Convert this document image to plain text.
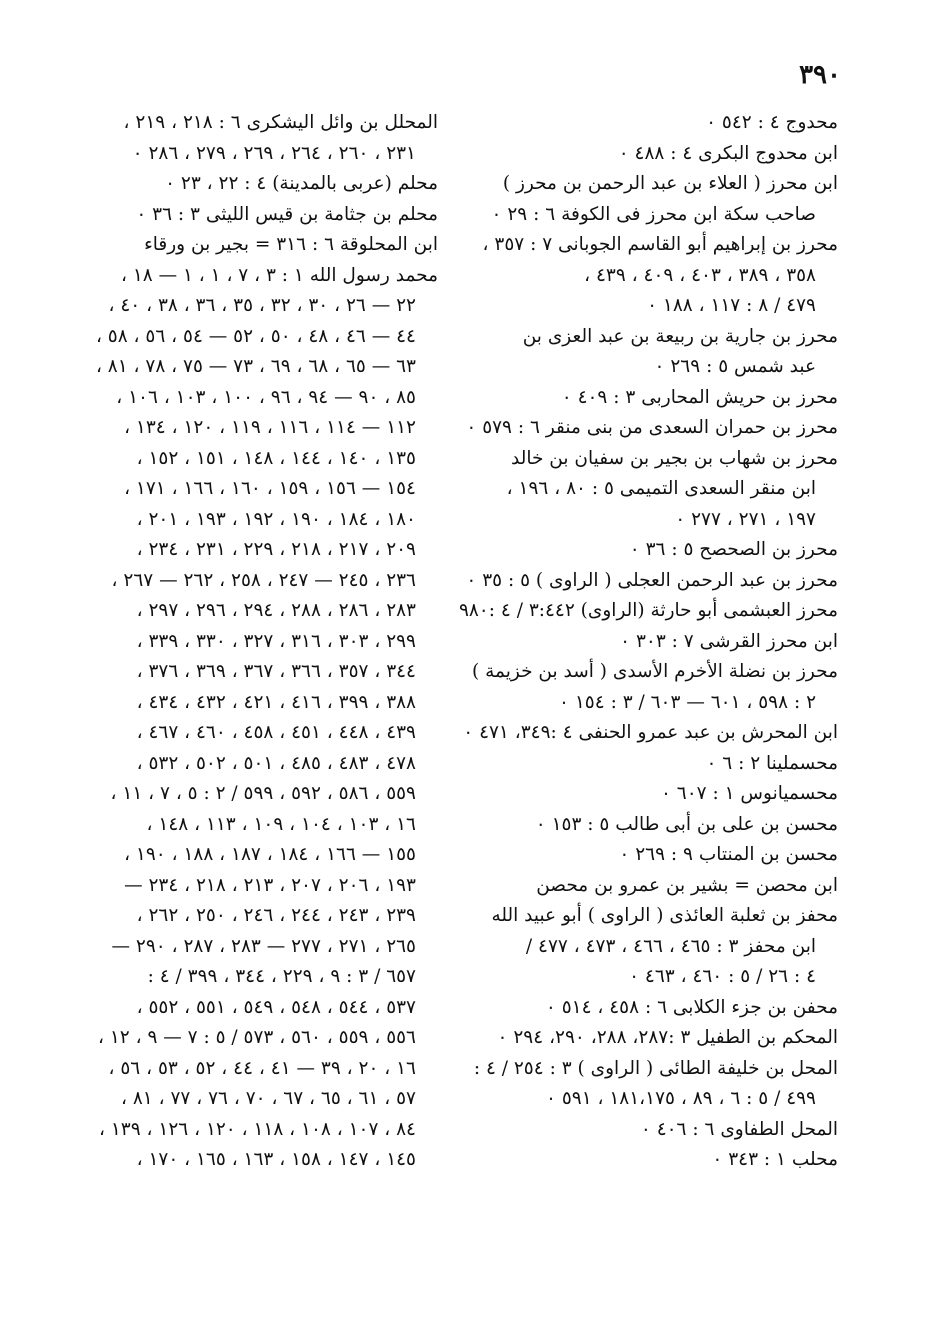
٣٩٠
محدوج ٤ : ٥٤٢ ٠
ابن محدوج البكرى ٤ : ٤٨٨ ٠
ابن محرز ( العلاء بن عبد الرحمن بن محرز )
صاحب سكة ابن محرز فى الكوفة ٦ : ٢٩ ٠
محرز بن إبراهيم أبو القاسم الجوبانى ٧ : ٣٥٧ ،
٣٥٨ ، ٣٨٩ ، ٤٠٣ ، ٤٠٩ ، ٤٣٩ ،
٤٧٩ / ٨ : ١١٧ ، ١٨٨ ٠
محرز بن جارية بن ربيعة بن عبد العزى بن
عبد شمس ٥ : ٢٦٩ ٠
محرز بن حريش المحاربى ٣ : ٤٠٩ ٠
محرز بن حمران السعدى من بنى منقر ٦ : ٥٧٩ ٠
محرز بن شهاب بن بجير بن سفيان بن خالد
ابن منقر السعدى التميمى ٥ : ٨٠ ، ١٩٦ ،
١٩٧ ، ٢٧١ ، ٢٧٧ ٠
محرز بن الصحصح ٥ : ٣٦ ٠
محرز بن عبد الرحمن العجلى ( الراوى ) ٥ : ٣٥ ٠
محرز العبشمى أبو حارثة (الراوى) ٣:٤٤٢ / ٤ :٩٨٠
ابن محرز القرشى ٧ : ٣٠٣ ٠
محرز بن نضلة الأخرم الأسدى ( أسد بن خزيمة )
٢ : ٥٩٨ ، ٦٠١ — ٦٠٣ / ٣ : ١٥٤ ٠
ابن المحرش بن عبد عمرو الحنفى ٤ :٣٤٩، ٤٧١ ٠
محسملينا ٢ : ٦ ٠
محسميانوس ١ : ٦٠٧ ٠
محسن بن على بن أبى طالب ٥ : ١٥٣ ٠
محسن بن المنتاب ٩ : ٢٦٩ ٠
ابن محصن = بشير بن عمرو بن محصن
محفز بن ثعلبة العائذى ( الراوى ) أبو عبيد الله
ابن محفز ٣ : ٤٦٥ ، ٤٦٦ ، ٤٧٣ ، ٤٧٧ /
٤ : ٢٦ / ٥ : ٤٦٠ ، ٤٦٣ ٠
محفن بن جزء الكلابى ٦ : ٤٥٨ ، ٥١٤ ٠
المحكم بن الطفيل ٣ :٢٨٧، ٢٨٨، ٢٩٠، ٢٩٤ ٠
المحل بن خليفة الطائى ( الراوى ) ٣ : ٢٥٤ / ٤ :
٤٩٩ / ٥ : ٦ ، ٨٩ ، ١٨١،١٧٥ ، ٥٩١ ٠
المحل الطفاوى ٦ : ٤٠٦ ٠
محلب ١ : ٣٤٣ ٠
المحلل بن وائل اليشكرى ٦ : ٢١٨ ، ٢١٩ ،
٢٣١ ، ٢٦٠ ، ٢٦٤ ، ٢٦٩ ، ٢٧٩ ، ٢٨٦ ٠
محلم (عربى بالمدينة) ٤ : ٢٢ ، ٢٣ ٠
محلم بن جثامة بن قيس الليثى ٣ : ٣٦ ٠
ابن المحلوقة ٦ : ٣١٦ = بجير بن ورقاء
محمد رسول الله ١ : ٣ ، ٧ ، ١ ، ١ — ١٨ ،
٢٢ — ٢٦ ، ٣٠ ، ٣٢ ، ٣٥ ، ٣٦ ، ٣٨ ، ٤٠ ،
٤٤ — ٤٦ ، ٤٨ ، ٥٠ ، ٥٢ — ٥٤ ، ٥٦ ، ٥٨ ،
٦٣ — ٦٥ ، ٦٨ ، ٦٩ ، ٧٣ — ٧٥ ، ٧٨ ، ٨١ ،
٨٥ ، ٩٠ — ٩٤ ، ٩٦ ، ١٠٠ ، ١٠٣ ، ١٠٦ ،
١١٢ — ١١٤ ، ١١٦ ، ١١٩ ، ١٢٠ ، ١٣٤ ،
١٣٥ ، ١٤٠ ، ١٤٤ ، ١٤٨ ، ١٥١ ، ١٥٢ ،
١٥٤ — ١٥٦ ، ١٥٩ ، ١٦٠ ، ١٦٦ ، ١٧١ ،
١٨٠ ، ١٨٤ ، ١٩٠ ، ١٩٢ ، ١٩٣ ، ٢٠١ ،
٢٠٩ ، ٢١٧ ، ٢١٨ ، ٢٢٩ ، ٢٣١ ، ٢٣٤ ،
٢٣٦ ، ٢٤٥ — ٢٤٧ ، ٢٥٨ ، ٢٦٢ — ٢٦٧ ،
٢٨٣ ، ٢٨٦ ، ٢٨٨ ، ٢٩٤ ، ٢٩٦ ، ٢٩٧ ،
٢٩٩ ، ٣٠٣ ، ٣١٦ ، ٣٢٧ ، ٣٣٠ ، ٣٣٩ ،
٣٤٤ ، ٣٥٧ ، ٣٦٦ ، ٣٦٧ ، ٣٦٩ ، ٣٧٦ ،
٣٨٨ ، ٣٩٩ ، ٤١٦ ، ٤٢١ ، ٤٣٢ ، ٤٣٤ ،
٤٣٩ ، ٤٤٨ ، ٤٥١ ، ٤٥٨ ، ٤٦٠ ، ٤٦٧ ،
٤٧٨ ، ٤٨٣ ، ٤٨٥ ، ٥٠١ ، ٥٠٢ ، ٥٣٢ ،
٥٥٩ ، ٥٨٦ ، ٥٩٢ ، ٥٩٩ / ٢ : ٥ ، ٧ ، ١١ ،
١٦ ، ١٠٣ ، ١٠٤ ، ١٠٩ ، ١١٣ ، ١٤٨ ،
١٥٥ — ١٦٦ ، ١٨٤ ، ١٨٧ ، ١٨٨ ، ١٩٠ ،
١٩٣ ، ٢٠٦ ، ٢٠٧ ، ٢١٣ ، ٢١٨ ، ٢٣٤ —
٢٣٩ ، ٢٤٣ ، ٢٤٤ ، ٢٤٦ ، ٢٥٠ ، ٢٦٢ ،
٢٦٥ ، ٢٧١ ، ٢٧٧ — ٢٨٣ ، ٢٨٧ ، ٢٩٠ —
٦٥٧ / ٣ : ٩ ، ٢٢٩ ، ٣٤٤ ، ٣٩٩ / ٤ :
٥٣٧ ، ٥٤٤ ، ٥٤٨ ، ٥٤٩ ، ٥٥١ ، ٥٥٢ ،
٥٥٦ ، ٥٥٩ ، ٥٦٠ ، ٥٧٣ / ٥ : ٧ — ٩ ، ١٢ ،
١٦ ، ٢٠ ، ٣٩ — ٤١ ، ٤٤ ، ٥٢ ، ٥٣ ، ٥٦ ،
٥٧ ، ٦١ ، ٦٥ ، ٦٧ ، ٧٠ ، ٧٦ ، ٧٧ ، ٨١ ،
٨٤ ، ١٠٧ ، ١٠٨ ، ١١٨ ، ١٢٠ ، ١٢٦ ، ١٣٩ ،
١٤٥ ، ١٤٧ ، ١٥٨ ، ١٦٣ ، ١٦٥ ، ١٧٠ ،
